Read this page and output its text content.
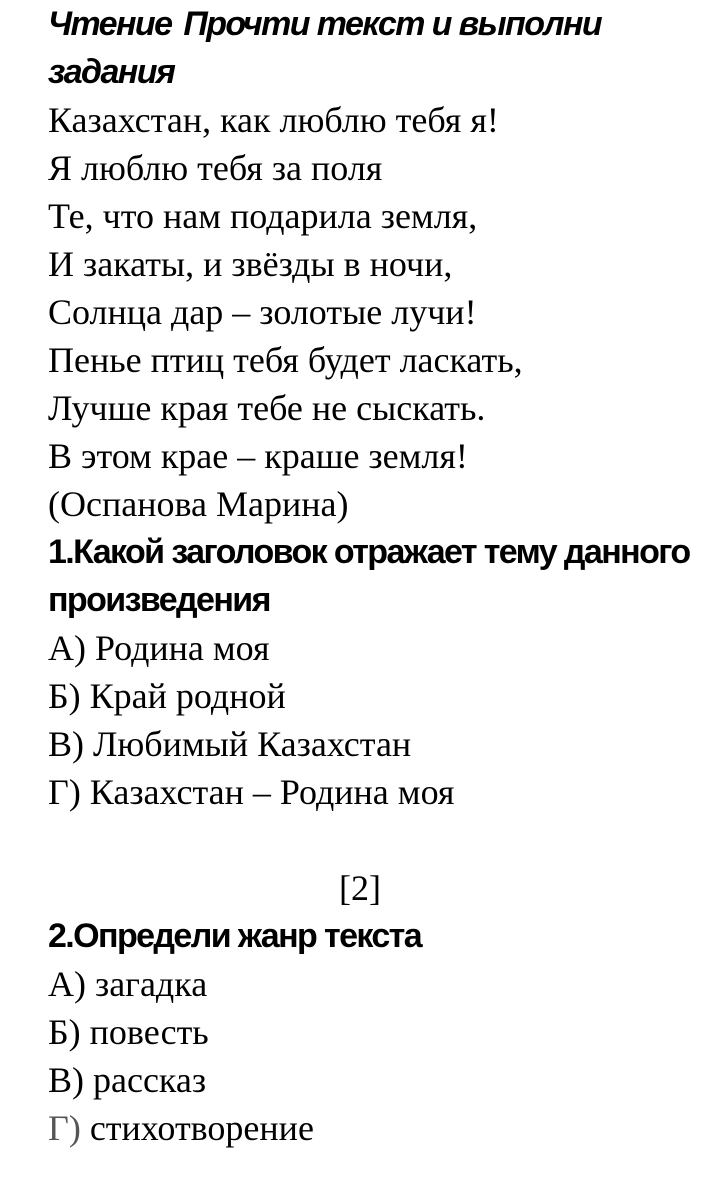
Чтение Прочти текст и выполни задания

Казахстан, как люблю тебя я!

Я люблю тебя за поля

Те, что нам подарила земля,

И закаты, и звёзды в ночи,

Солнца дар – золотые лучи!

Пенье птиц тебя будет ласкать,

Лучше края тебе не сыскать.

В этом крае – краше земля!

(Оспанова Марина)

1.Какой заголовок отражает тему данного произведения

А) Родина моя

Б) Край родной

В) Любимый Казахстан

Г) Казахстан – Родина моя

[2]

2.Определи жанр текста

А) загадка

Б) повесть

В) рассказ

Г) стихотворение
